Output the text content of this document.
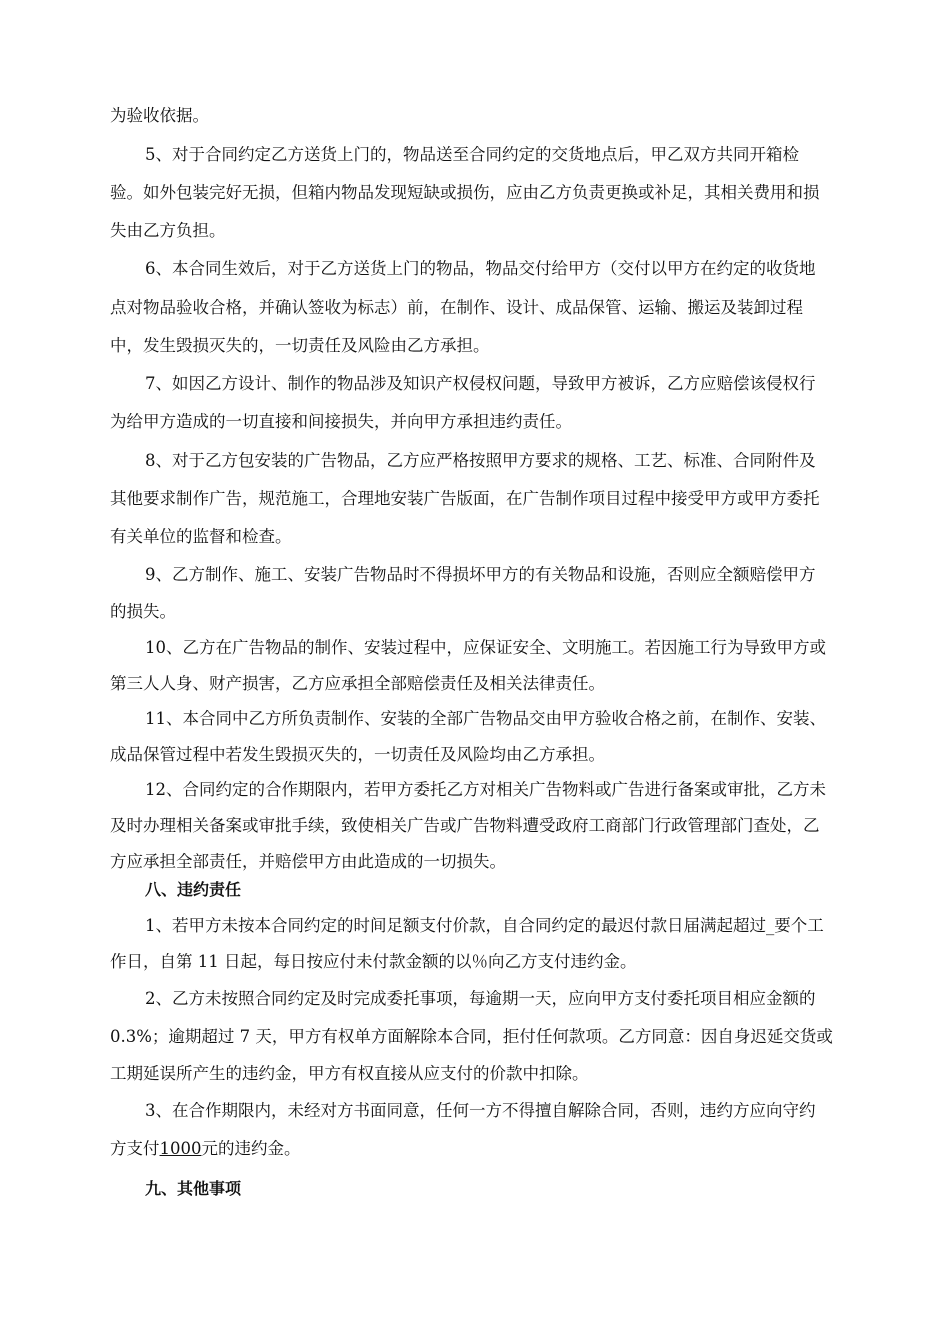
为验收依据。
5、对于合同约定乙方送货上门的，物品送至合同约定的交货地点后，甲乙双方共同开箱检
验。如外包装完好无损，但箱内物品发现短缺或损伤，应由乙方负责更换或补足，其相关费用和损
失由乙方负担。
6、本合同生效后，对于乙方送货上门的物品，物品交付给甲方（交付以甲方在约定的收货地
点对物品验收合格，并确认签收为标志）前，在制作、设计、成品保管、运输、搬运及装卸过程
中，发生毁损灭失的，一切责任及风险由乙方承担。
7、如因乙方设计、制作的物品涉及知识产权侵权问题，导致甲方被诉，乙方应赔偿该侵权行
为给甲方造成的一切直接和间接损失，并向甲方承担违约责任。
8、对于乙方包安装的广告物品，乙方应严格按照甲方要求的规格、工艺、标准、合同附件及
其他要求制作广告，规范施工，合理地安装广告版面，在广告制作项目过程中接受甲方或甲方委托
有关单位的监督和检查。
9、乙方制作、施工、安装广告物品时不得损坏甲方的有关物品和设施，否则应全额赔偿甲方
的损失。
10、乙方在广告物品的制作、安装过程中，应保证安全、文明施工。若因施工行为导致甲方或
第三人人身、财产损害，乙方应承担全部赔偿责任及相关法律责任。
11、本合同中乙方所负责制作、安装的全部广告物品交由甲方验收合格之前，在制作、安装、
成品保管过程中若发生毁损灭失的，一切责任及风险均由乙方承担。
12、合同约定的合作期限内，若甲方委托乙方对相关广告物料或广告进行备案或审批，乙方未
及时办理相关备案或审批手续，致使相关广告或广告物料遭受政府工商部门行政管理部门查处，乙
方应承担全部责任，并赔偿甲方由此造成的一切损失。
八、违约责任
1、若甲方未按本合同约定的时间足额支付价款，自合同约定的最迟付款日届满起超过_要个工
作日，自第 11 日起，每日按应付未付款金额的以％向乙方支付违约金。
2、乙方未按照合同约定及时完成委托事项，每逾期一天，应向甲方支付委托项目相应金额的
0.3%；逾期超过 7 天，甲方有权单方面解除本合同，拒付任何款项。乙方同意：因自身迟延交货或
工期延误所产生的违约金，甲方有权直接从应支付的价款中扣除。
3、在合作期限内，未经对方书面同意，任何一方不得擅自解除合同，否则，违约方应向守约
方支付1000元的违约金。
九、其他事项
